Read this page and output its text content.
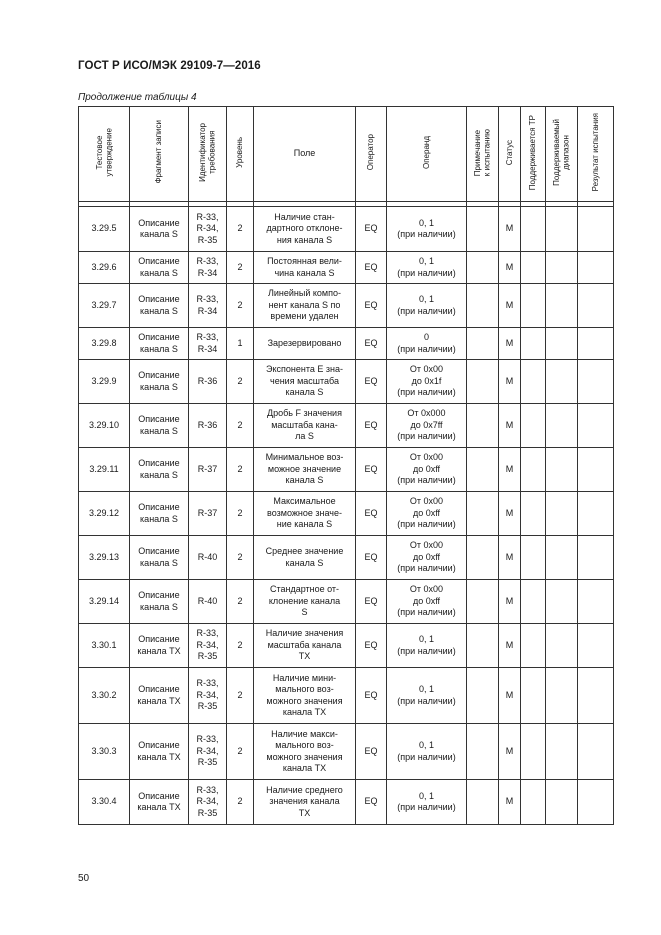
ГОСТ Р ИСО/МЭК 29109-7—2016
Продолжение таблицы 4
Тестовое
утверждение	Фрагмент записи	Идентификатор
требования	Уровень	Поле	Оператор	Операнд	Примечание
к испытанию	Статус	Поддерживается ТР	Поддерживаемый
диапазон	Результат испытания

3.29.5	Описание
канала S	R-33,
R-34,
R-35	2	Наличие стан-
дартного отклоне-
ния канала S	EQ	0, 1
(при наличии)		M			
3.29.6	Описание
канала S	R-33,
R-34	2	Постоянная вели-
чина канала S	EQ	0, 1
(при наличии)		M			
3.29.7	Описание
канала S	R-33,
R-34	2	Линейный компо-
нент канала S по
времени удален	EQ	0, 1
(при наличии)		M			
3.29.8	Описание
канала S	R-33,
R-34	1	Зарезервировано	EQ	0
(при наличии)		M			
3.29.9	Описание
канала S	R-36	2	Экспонента E зна-
чения масштаба
канала S	EQ	От 0x00
до 0x1f
(при наличии)		M			
3.29.10	Описание
канала S	R-36	2	Дробь F значения
масштаба кана-
ла S	EQ	От 0x000
до 0x7ff
(при наличии)		M			
3.29.11	Описание
канала S	R-37	2	Минимальное воз-
можное значение
канала S	EQ	От 0x00
до 0xff
(при наличии)		M			
3.29.12	Описание
канала S	R-37	2	Максимальное
возможное значе-
ние канала S	EQ	От 0x00
до 0xff
(при наличии)		M			
3.29.13	Описание
канала S	R-40	2	Среднее значение
канала S	EQ	От 0x00
до 0xff
(при наличии)		M			
3.29.14	Описание
канала S	R-40	2	Стандартное от-
клонение канала
S	EQ	От 0x00
до 0xff
(при наличии)		M			
3.30.1	Описание
канала TX	R-33,
R-34,
R-35	2	Наличие значения
масштаба канала
TX	EQ	0, 1
(при наличии)		M			
3.30.2	Описание
канала TX	R-33,
R-34,
R-35	2	Наличие мини-
мального воз-
можного значения
канала TX	EQ	0, 1
(при наличии)		M			
3.30.3	Описание
канала TX	R-33,
R-34,
R-35	2	Наличие макси-
мального воз-
можного значения
канала TX	EQ	0, 1
(при наличии)		M			
3.30.4	Описание
канала TX	R-33,
R-34,
R-35	2	Наличие среднего
значения канала
TX	EQ	0, 1
(при наличии)		M			
50
